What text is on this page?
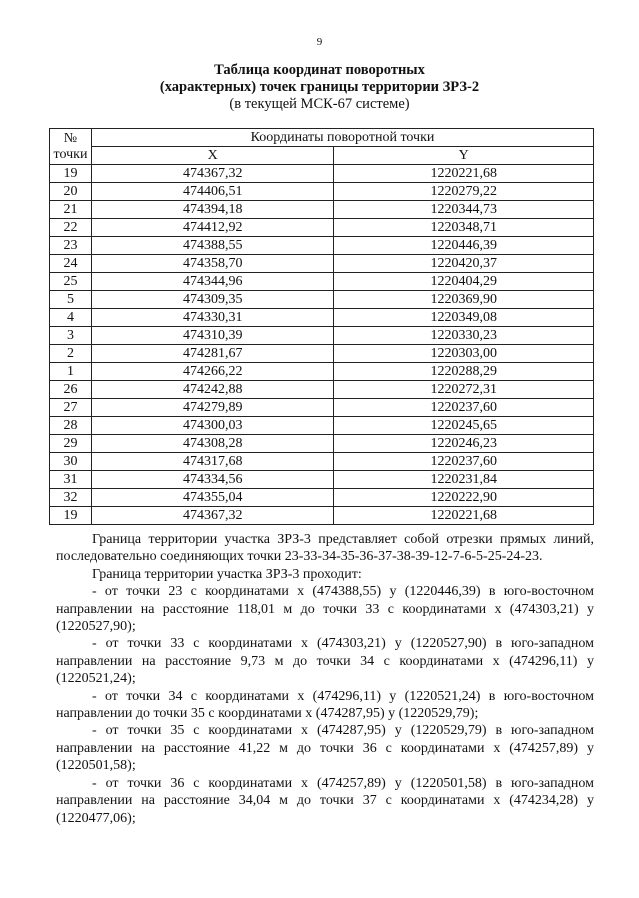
9
Таблица координат поворотных
(характерных) точек границы территории ЗРЗ-2
(в текущей МСК-67 системе)
№
точки	Координаты поворотной точки	
	X	Y
19	474367,32	1220221,68
20	474406,51	1220279,22
21	474394,18	1220344,73
22	474412,92	1220348,71
23	474388,55	1220446,39
24	474358,70	1220420,37
25	474344,96	1220404,29
5	474309,35	1220369,90
4	474330,31	1220349,08
3	474310,39	1220330,23
2	474281,67	1220303,00
1	474266,22	1220288,29
26	474242,88	1220272,31
27	474279,89	1220237,60
28	474300,03	1220245,65
29	474308,28	1220246,23
30	474317,68	1220237,60
31	474334,56	1220231,84
32	474355,04	1220222,90
19	474367,32	1220221,68

Граница территории участка ЗРЗ-3 представляет собой отрезки прямых линий, последовательно соединяющих точки 23-33-34-35-36-37-38-39-12-7-6-5-25-24-23.

Граница территории участка ЗРЗ-3 проходит:

- от точки 23 с координатами х (474388,55) у (1220446,39) в юго-восточном направлении на расстояние 118,01 м до точки 33 с координатами х (474303,21) у (1220527,90);

- от точки 33 с координатами х (474303,21) у (1220527,90) в юго-западном направлении на расстояние 9,73 м до точки 34 с координатами х (474296,11) у (1220521,24);

- от точки 34 с координатами х (474296,11) у (1220521,24) в юго-восточном направлении до точки 35 с координатами х (474287,95) у (1220529,79);

- от точки 35 с координатами х (474287,95) у (1220529,79) в юго-западном направлении на расстояние 41,22 м до точки 36 с координатами х (474257,89) у (1220501,58);

- от точки 36 с координатами х (474257,89) у (1220501,58) в юго-западном направлении на расстояние 34,04 м до точки 37 с координатами х (474234,28) у (1220477,06);
